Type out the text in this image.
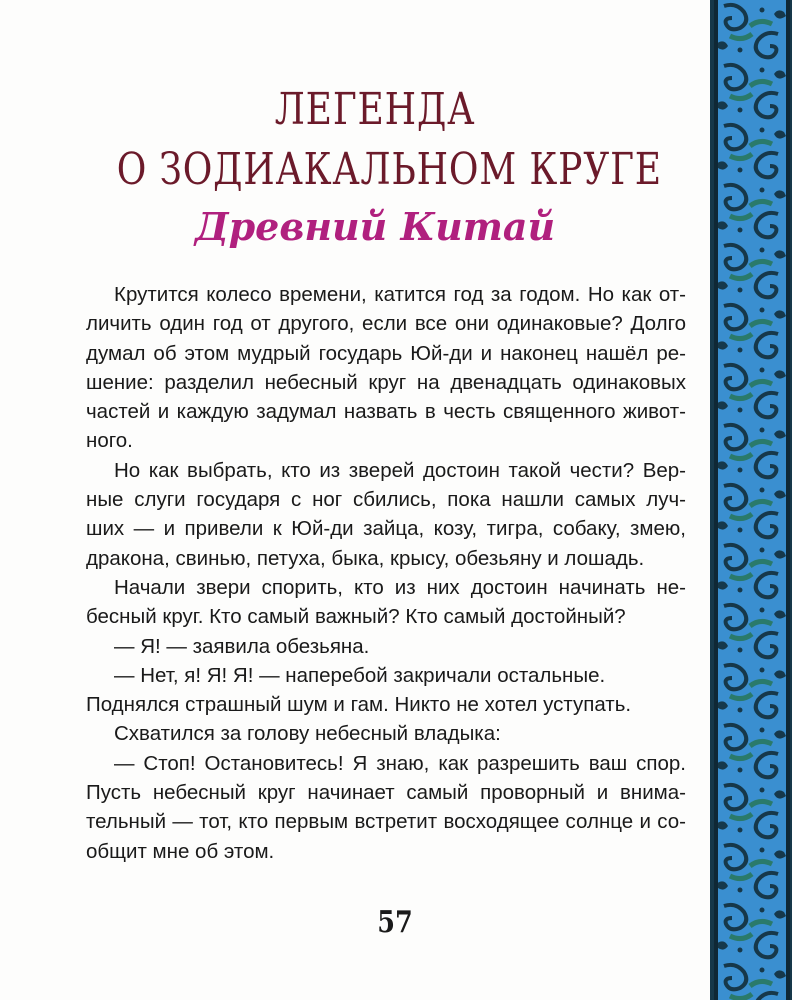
ЛЕГЕНДА
О ЗОДИАКАЛЬНОМ КРУГЕ
Древний Китай
Крутится колесо времени, катится год за годом. Но как от-
личить один год от другого, если все они одинаковые? Долго
думал об этом мудрый государь Юй-ди и наконец нашёл ре-
шение: разделил небесный круг на двенадцать одинаковых
частей и каждую задумал назвать в честь священного живот-
ного.
Но как выбрать, кто из зверей достоин такой чести? Вер-
ные слуги государя с ног сбились, пока нашли самых луч-
ших — и привели к Юй-ди зайца, козу, тигра, собаку, змею,
дракона, свинью, петуха, быка, крысу, обезьяну и лошадь.
Начали звери спорить, кто из них достоин начинать не-
бесный круг. Кто самый важный? Кто самый достойный?
— Я! — заявила обезьяна.
— Нет, я! Я! Я! — наперебой закричали остальные.
Поднялся страшный шум и гам. Никто не хотел уступать.
Схватился за голову небесный владыка:
— Стоп! Остановитесь! Я знаю, как разрешить ваш спор.
Пусть небесный круг начинает самый проворный и внима-
тельный — тот, кто первым встретит восходящее солнце и со-
общит мне об этом.
57
